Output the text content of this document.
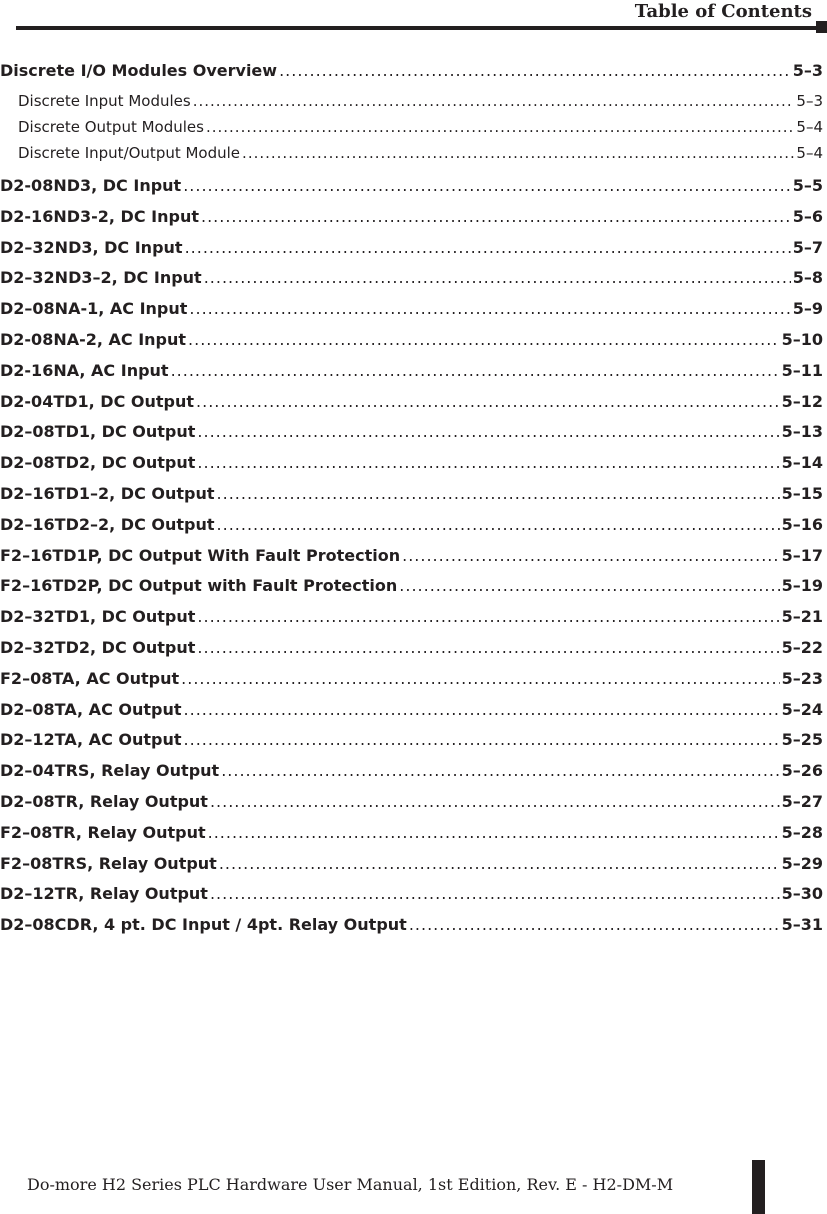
Table of Contents
Discrete I/O Modules Overview .....	5–3
Discrete Input Modules .....	5–3
Discrete Output Modules .....	5–4
Discrete Input/Output Module .....	5–4
D2-08ND3, DC Input .....	5–5
D2-16ND3-2, DC Input .....	5–6
D2–32ND3, DC Input .....	5–7
D2–32ND3–2, DC Input .....	5–8
D2–08NA-1, AC Input .....	5–9
D2-08NA-2, AC Input .....	5–10
D2-16NA, AC Input .....	5–11
D2-04TD1, DC Output .....	5–12
D2–08TD1, DC Output .....	5–13
D2–08TD2, DC Output .....	5–14
D2–16TD1–2, DC Output .....	5–15
D2–16TD2–2, DC Output .....	5–16
F2–16TD1P, DC Output With Fault Protection .....	5–17
F2–16TD2P, DC Output with Fault Protection .....	5–19
D2–32TD1, DC Output .....	5–21
D2–32TD2, DC Output .....	5–22
F2–08TA, AC Output .....	5–23
D2–08TA, AC Output .....	5–24
D2–12TA, AC Output .....	5–25
D2–04TRS, Relay Output .....	5–26
D2–08TR, Relay Output .....	5–27
F2–08TR, Relay Output .....	5–28
F2–08TRS, Relay Output .....	5–29
D2–12TR, Relay Output .....	5–30
D2–08CDR, 4 pt. DC Input / 4pt. Relay Output .....	5–31
Do-more H2 Series PLC Hardware User Manual, 1st Edition, Rev. E - H2-DM-M
